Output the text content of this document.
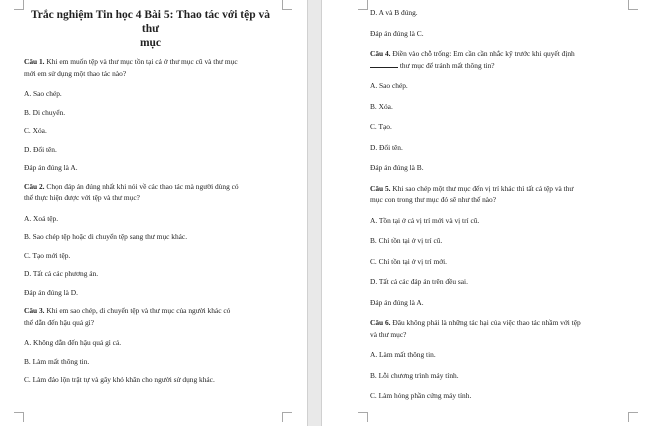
Trắc nghiệm Tin học 4 Bài 5: Thao tác với tệp và thư
mục

Câu 1. Khi em muốn tệp và thư mục tồn tại cả ở thư mục cũ và thư mục

mới em sử dụng một thao tác nào?

A. Sao chép.

B. Di chuyển.

C. Xóa.

D. Đổi tên.

Đáp án đúng là A.

Câu 2. Chọn đáp án đúng nhất khi nói về các thao tác mà người dùng có

thể thực hiện được với tệp và thư mục?

A. Xoá tệp.

B. Sao chép tệp hoặc di chuyển tệp sang thư mục khác.

C. Tạo mới tệp.

D. Tất cả các phương án.

Đáp án đúng là D.

Câu 3. Khi em sao chép, di chuyển tệp và thư mục của người khác có

thể dẫn đến hậu quả gì?

A. Không dẫn đến hậu quả gì cả.

B. Làm mất thông tin.

C. Làm đảo lộn trật tự và gây khó khăn cho người sử dụng khác.

D. A và B đúng.

Đáp án đúng là C.

Câu 4. Điền vào chỗ trống: Em cần cần nhắc kỹ trước khi quyết định

thư mục để tránh mất thông tin?

A. Sao chép.

B. Xóa.

C. Tạo.

D. Đổi tên.

Đáp án đúng là B.

Câu 5. Khi sao chép một thư mục đến vị trí khác thì tất cả tệp và thư

mục con trong thư mục đó sẽ như thế nào?

A. Tồn tại ở cả vị trí mới và vị trí cũ.

B. Chỉ tồn tại ở vị trí cũ.

C. Chỉ tồn tại ở vị trí mới.

D. Tất cả các đáp án trên đều sai.

Đáp án đúng là A.

Câu 6. Đâu không phải là những tác hại của việc thao tác nhầm với tệp

và thư mục?

A. Làm mất thông tin.

B. Lỗi chương trình máy tính.

C. Làm hỏng phần cứng máy tính.
